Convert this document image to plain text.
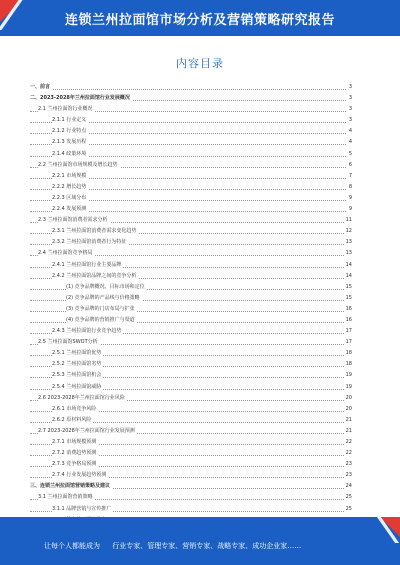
连锁兰州拉面馆市场分析及营销策略研究报告
内容目录
一、前言	3
二、2023-2028年兰州拉面馆行业发展概况	3
2.1 兰州拉面馆行业概况	3
2.1.1 行业定义	3
2.1.2 行业特点	4
2.1.3 发展历程	4
2.1.4 政策环境	5
2.2 兰州拉面馆市场规模及增长趋势	6
2.2.1 市场规模	7
2.2.2 增长趋势	8
2.2.3 区域分布	9
2.2.4 发展预测	9
2.3 兰州拉面馆消费者需求分析	11
2.3.1 兰州拉面馆消费者需求变化趋势	12
2.3.2 兰州拉面馆消费者行为特征	13
2.4 兰州拉面馆竞争格局	13
2.4.1 兰州拉面馆行业主要品牌	14
2.4.2 兰州拉面馆品牌之间的竞争分析	14
(1) 竞争品牌概况、目标市场和定位	15
(2) 竞争品牌的产品线与价格策略	15
(3) 竞争品牌的门店布局与扩张	16
(4) 竞争品牌的营销推广与渠道	16
2.4.3 兰州拉面馆行业竞争趋势	17
2.5 兰州拉面馆SWOT分析	17
2.5.1 兰州拉面馆优势	18
2.5.2 兰州拉面馆劣势	18
2.5.3 兰州拉面馆机会	19
2.5.4 兰州拉面馆威胁	19
2.6 2023-2028年兰州拉面馆行业风险	20
2.6.1 市场竞争风险	20
2.6.2 原材料风险	21
2.7 2023-2028年兰州拉面馆行业发展预测	21
2.7.1 市场规模预测	22
2.7.2 消费趋势预测	22
2.7.3 竞争格局预测	23
2.7.4 行业发展趋势预测	23
三、连锁兰州拉面馆营销策略及建议	24
3.1 兰州拉面馆营销策略	25
3.1.1 品牌营销与宣传推广	25
让每个人都能成为 行业专家、管理专家、营销专家、战略专家、成功企业家……
